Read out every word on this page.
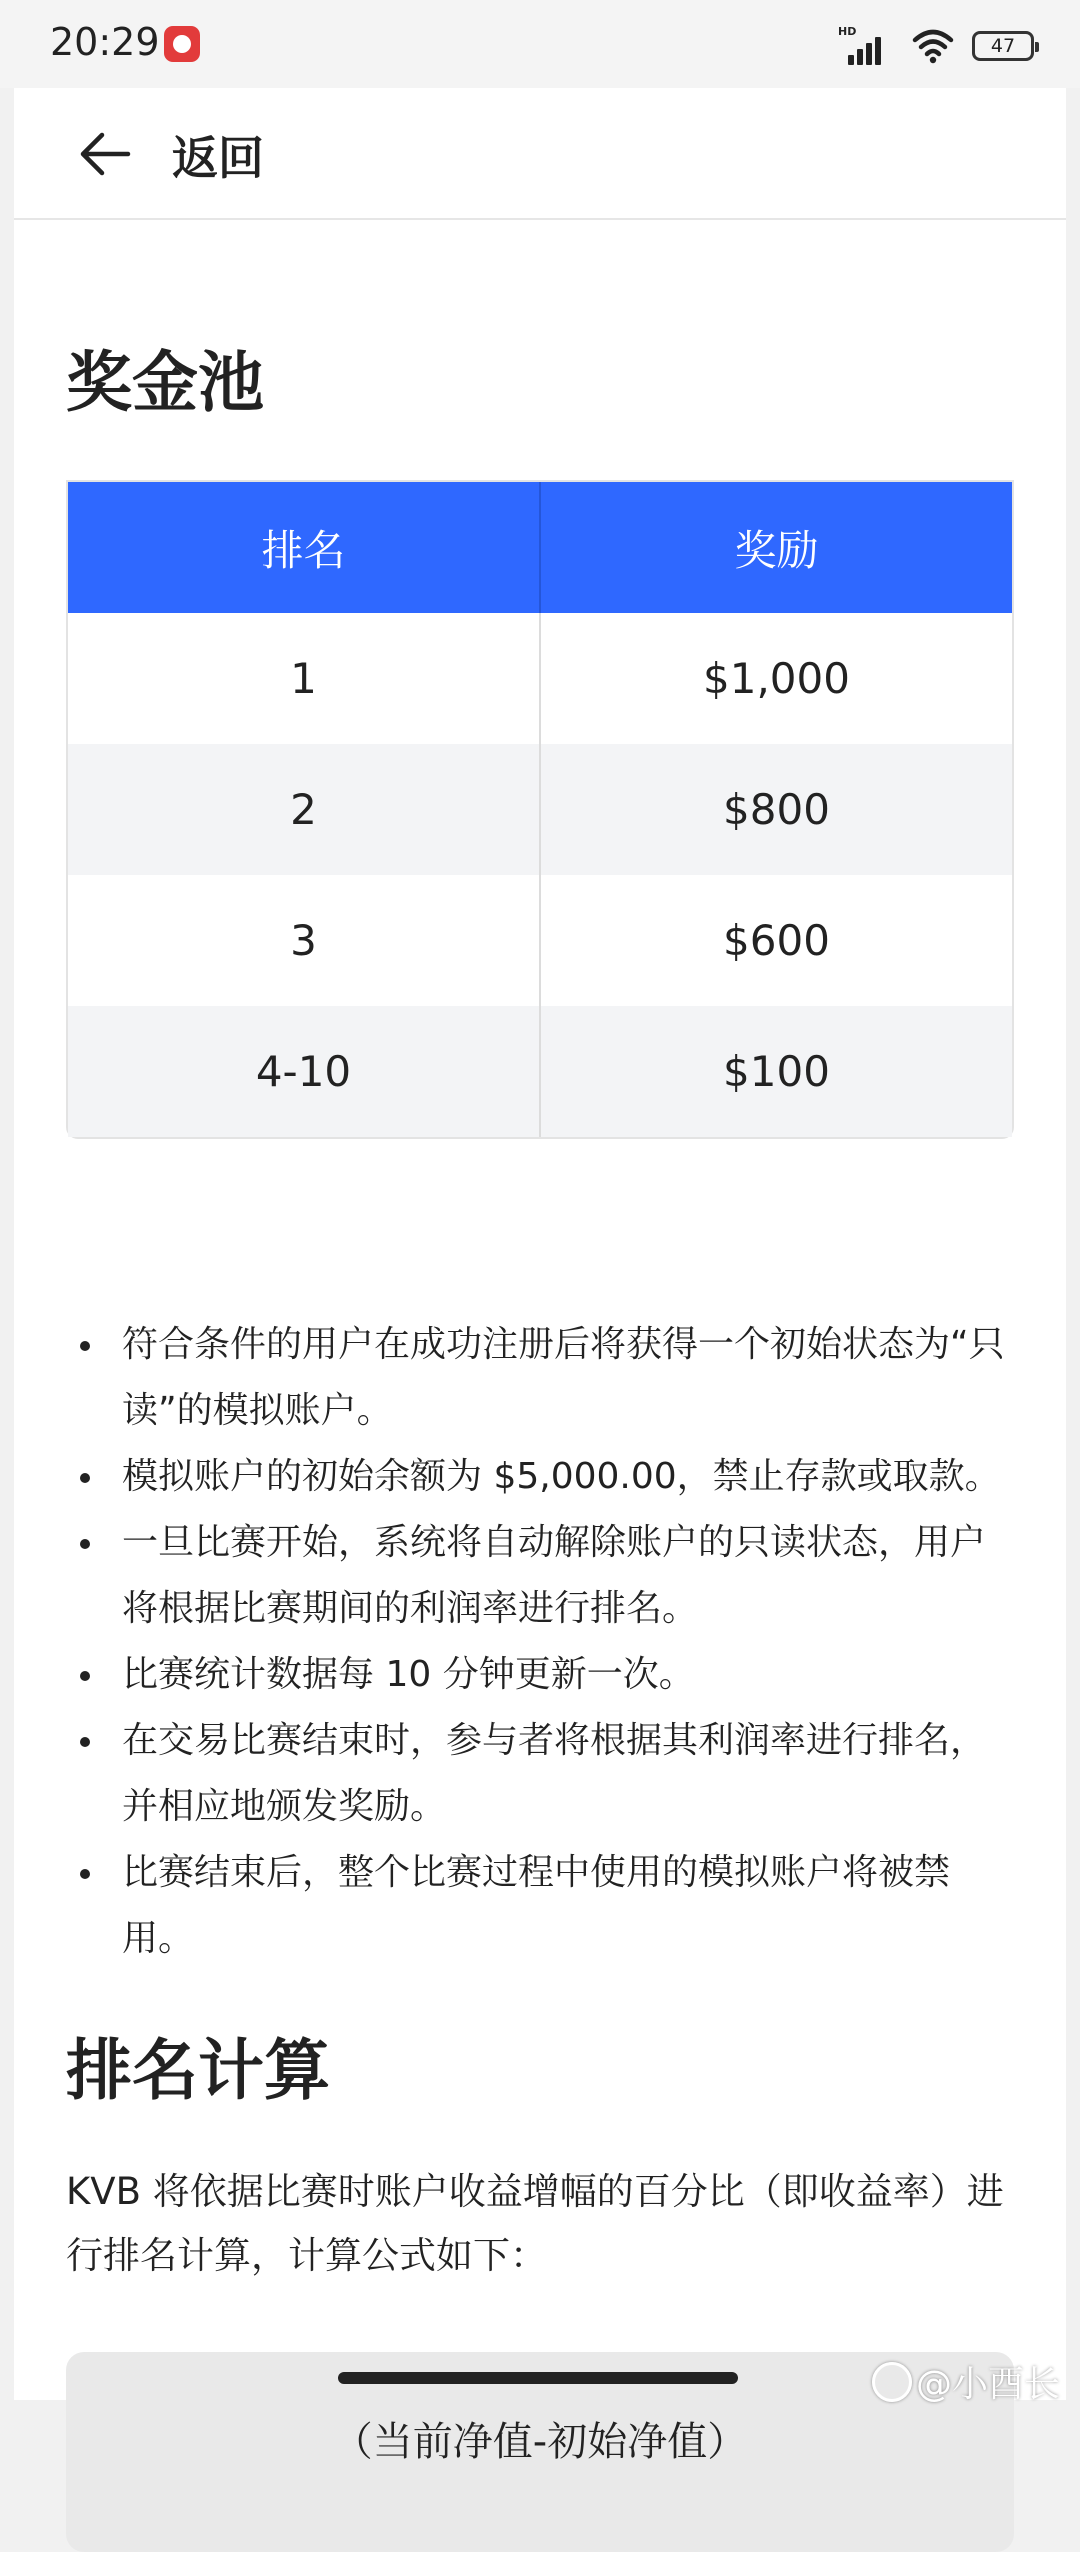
20:29	HD
47
返回
奖金池
排名	奖励
1	$1,000
2	$800
3	$600
4-10	$100
符合条件的用户在成功注册后将获得一个初始状态为“只读”的模拟账户。
模拟账户的初始余额为 $5,000.00，禁止存款或取款。
一旦比赛开始，系统将自动解除账户的只读状态，用户将根据比赛期间的利润率进行排名。
比赛统计数据每 10 分钟更新一次。
在交易比赛结束时，参与者将根据其利润率进行排名，并相应地颁发奖励。
比赛结束后，整个比赛过程中使用的模拟账户将被禁用。
排名计算

KVB 将依据比赛时账户收益增幅的百分比（即收益率）进行排名计算，计算公式如下：

（当前净值-初始净值）
@小酉长
